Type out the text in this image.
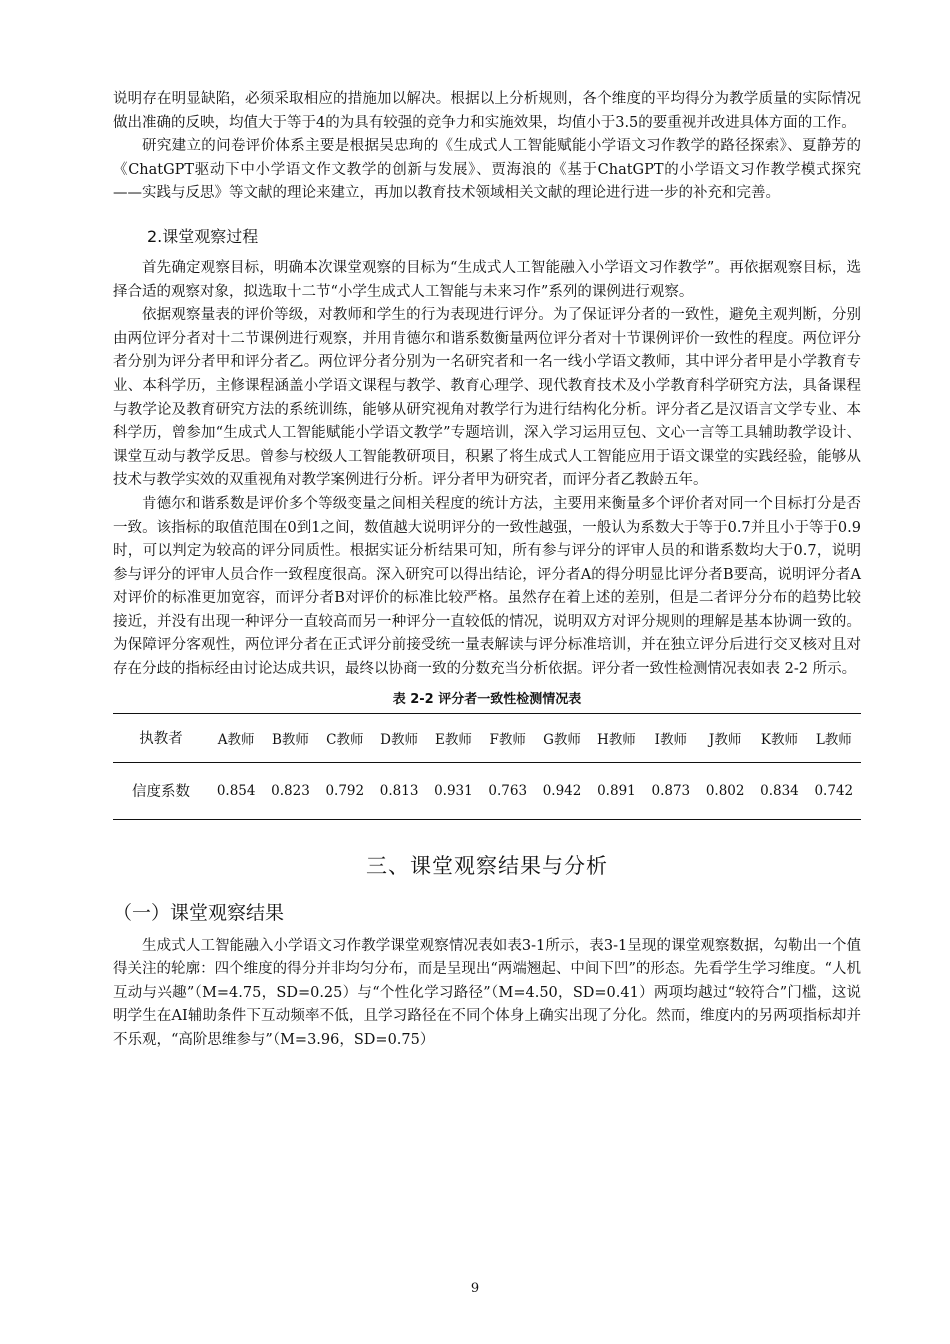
说明存在明显缺陷，必须采取相应的措施加以解决。根据以上分析规则，各个维度的平均得分为教学质量的实际情况做出准确的反映，均值大于等于4的为具有较强的竞争力和实施效果，均值小于3.5的要重视并改进具体方面的工作。

研究建立的问卷评价体系主要是根据吴忠珣的《生成式人工智能赋能小学语文习作教学的路径探索》、夏静芳的《ChatGPT驱动下中小学语文作文教学的创新与发展》、贾海浪的《基于ChatGPT的小学语文习作教学模式探究——实践与反思》等文献的理论来建立，再加以教育技术领域相关文献的理论进行进一步的补充和完善。

2.课堂观察过程

首先确定观察目标，明确本次课堂观察的目标为“生成式人工智能融入小学语文习作教学”。再依据观察目标，选择合适的观察对象，拟选取十二节“小学生成式人工智能与未来习作”系列的课例进行观察。

依据观察量表的评价等级，对教师和学生的行为表现进行评分。为了保证评分者的一致性，避免主观判断，分别由两位评分者对十二节课例进行观察，并用肯德尔和谐系数衡量两位评分者对十节课例评价一致性的程度。两位评分者分别为评分者甲和评分者乙。两位评分者分别为一名研究者和一名一线小学语文教师，其中评分者甲是小学教育专业、本科学历，主修课程涵盖小学语文课程与教学、教育心理学、现代教育技术及小学教育科学研究方法，具备课程与教学论及教育研究方法的系统训练，能够从研究视角对教学行为进行结构化分析。评分者乙是汉语言文学专业、本科学历，曾参加“生成式人工智能赋能小学语文教学”专题培训，深入学习运用豆包、文心一言等工具辅助教学设计、课堂互动与教学反思。曾参与校级人工智能教研项目，积累了将生成式人工智能应用于语文课堂的实践经验，能够从技术与教学实效的双重视角对教学案例进行分析。评分者甲为研究者，而评分者乙教龄五年。

肯德尔和谐系数是评价多个等级变量之间相关程度的统计方法，主要用来衡量多个评价者对同一个目标打分是否一致。该指标的取值范围在0到1之间，数值越大说明评分的一致性越强，一般认为系数大于等于0.7并且小于等于0.9时，可以判定为较高的评分同质性。根据实证分析结果可知，所有参与评分的评审人员的和谐系数均大于0.7，说明参与评分的评审人员合作一致程度很高。深入研究可以得出结论，评分者A的得分明显比评分者B要高，说明评分者A对评价的标准更加宽容，而评分者B对评价的标准比较严格。虽然存在着上述的差别，但是二者评分分布的趋势比较接近，并没有出现一种评分一直较高而另一种评分一直较低的情况，说明双方对评分规则的理解是基本协调一致的。为保障评分客观性，两位评分者在正式评分前接受统一量表解读与评分标准培训，并在独立评分后进行交叉核对且对存在分歧的指标经由讨论达成共识，最终以协商一致的分数充当分析依据。评分者一致性检测情况表如表 2-2 所示。

表 2-2 评分者一致性检测情况表
执教者	A教师	B教师	C教师	D教师	E教师	F教师	G教师	H教师	I教师	J教师	K教师	L教师
信度系数	0.854	0.823	0.792	0.813	0.931	0.763	0.942	0.891	0.873	0.802	0.834	0.742
三、课堂观察结果与分析
（一）课堂观察结果

生成式人工智能融入小学语文习作教学课堂观察情况表如表3-1所示，表3-1呈现的课堂观察数据，勾勒出一个值得关注的轮廓：四个维度的得分并非均匀分布，而是呈现出“两端翘起、中间下凹”的形态。先看学生学习维度。“人机互动与兴趣”（M=4.75，SD=0.25）与“个性化学习路径”（M=4.50，SD=0.41）两项均越过“较符合”门槛，这说明学生在AI辅助条件下互动频率不低，且学习路径在不同个体身上确实出现了分化。然而，维度内的另两项指标却并不乐观，“高阶思维参与”（M=3.96，SD=0.75）

9
